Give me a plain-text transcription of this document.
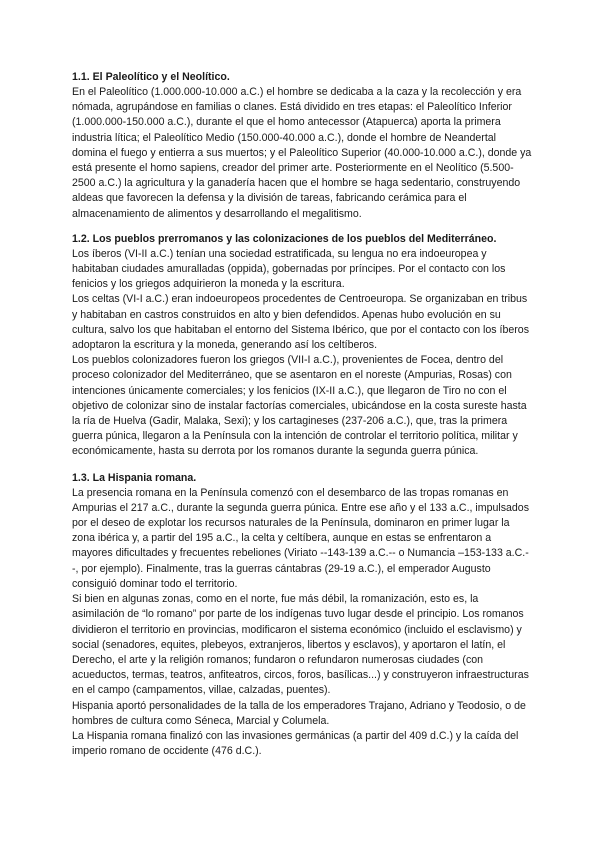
1.1. El Paleolítico y el Neolítico.

En el Paleolítico (1.000.000-10.000 a.C.) el hombre se dedicaba a la caza y la recolección y era nómada, agrupándose en familias o clanes. Está dividido en tres etapas: el Paleolítico Inferior (1.000.000-150.000 a.C.), durante el que el homo antecessor (Atapuerca) aporta la primera industria lítica; el Paleolítico Medio (150.000-40.000 a.C.), donde el hombre de Neandertal domina el fuego y entierra a sus muertos; y el Paleolítico Superior (40.000-10.000 a.C.), donde ya está presente el homo sapiens, creador del primer arte. Posteriormente en el Neolítico (5.500-2500 a.C.) la agricultura y la ganadería hacen que el hombre se haga sedentario, construyendo aldeas que favorecen la defensa y la división de tareas, fabricando cerámica para el almacenamiento de alimentos y desarrollando el megalitismo.

1.2. Los pueblos prerromanos y las colonizaciones de los pueblos del Mediterráneo.

Los íberos (VI-II a.C.) tenían una sociedad estratificada, su lengua no era indoeuropea y habitaban ciudades amuralladas (oppida), gobernadas por príncipes. Por el contacto con los fenicios y los griegos adquirieron la moneda y la escritura.

Los celtas (VI-I a.C.) eran indoeuropeos procedentes de Centroeuropa. Se organizaban en tribus y habitaban en castros construidos en alto y bien defendidos. Apenas hubo evolución en su cultura, salvo los que habitaban el entorno del Sistema Ibérico, que por el contacto con los íberos adoptaron la escritura y la moneda, generando así los celtíberos.

Los pueblos colonizadores fueron los griegos (VII-I a.C.), provenientes de Focea, dentro del proceso colonizador del Mediterráneo, que se asentaron en el noreste (Ampurias, Rosas) con intenciones únicamente comerciales; y los fenicios (IX-II a.C.), que llegaron de Tiro no con el objetivo de colonizar sino de instalar factorías comerciales, ubicándose en la costa sureste hasta la ría de Huelva (Gadir, Malaka, Sexi); y los cartagineses (237-206 a.C.), que, tras la primera guerra púnica, llegaron a la Península con la intención de controlar el territorio política, militar y económicamente, hasta su derrota por los romanos durante la segunda guerra púnica.

1.3. La Hispania romana.

La presencia romana en la Península comenzó con el desembarco de las tropas romanas en Ampurias el 217 a.C., durante la segunda guerra púnica. Entre ese año y el 133 a.C., impulsados por el deseo de explotar los recursos naturales de la Península, dominaron en primer lugar la zona ibérica y, a partir del 195 a.C., la celta y celtíbera, aunque en estas se enfrentaron a mayores dificultades y frecuentes rebeliones (Viriato --143-139 a.C.-- o Numancia –153-133 a.C.--, por ejemplo). Finalmente, tras la guerras cántabras (29-19 a.C.), el emperador Augusto consiguió dominar todo el territorio.

Si bien en algunas zonas, como en el norte, fue más débil, la romanización, esto es, la asimilación de “lo romano” por parte de los indígenas tuvo lugar desde el principio. Los romanos dividieron el territorio en provincias, modificaron el sistema económico (incluido el esclavismo) y social (senadores, equites, plebeyos, extranjeros, libertos y esclavos), y aportaron el latín, el Derecho, el arte y la religión romanos; fundaron o refundaron numerosas ciudades (con acueductos, termas, teatros, anfiteatros, circos, foros, basílicas...) y construyeron infraestructuras en el campo (campamentos, villae, calzadas, puentes).

Hispania aportó personalidades de la talla de los emperadores Trajano, Adriano y Teodosio, o de hombres de cultura como Séneca, Marcial y Columela.

La Hispania romana finalizó con las invasiones germánicas (a partir del 409 d.C.) y la caída del imperio romano de occidente (476 d.C.).
